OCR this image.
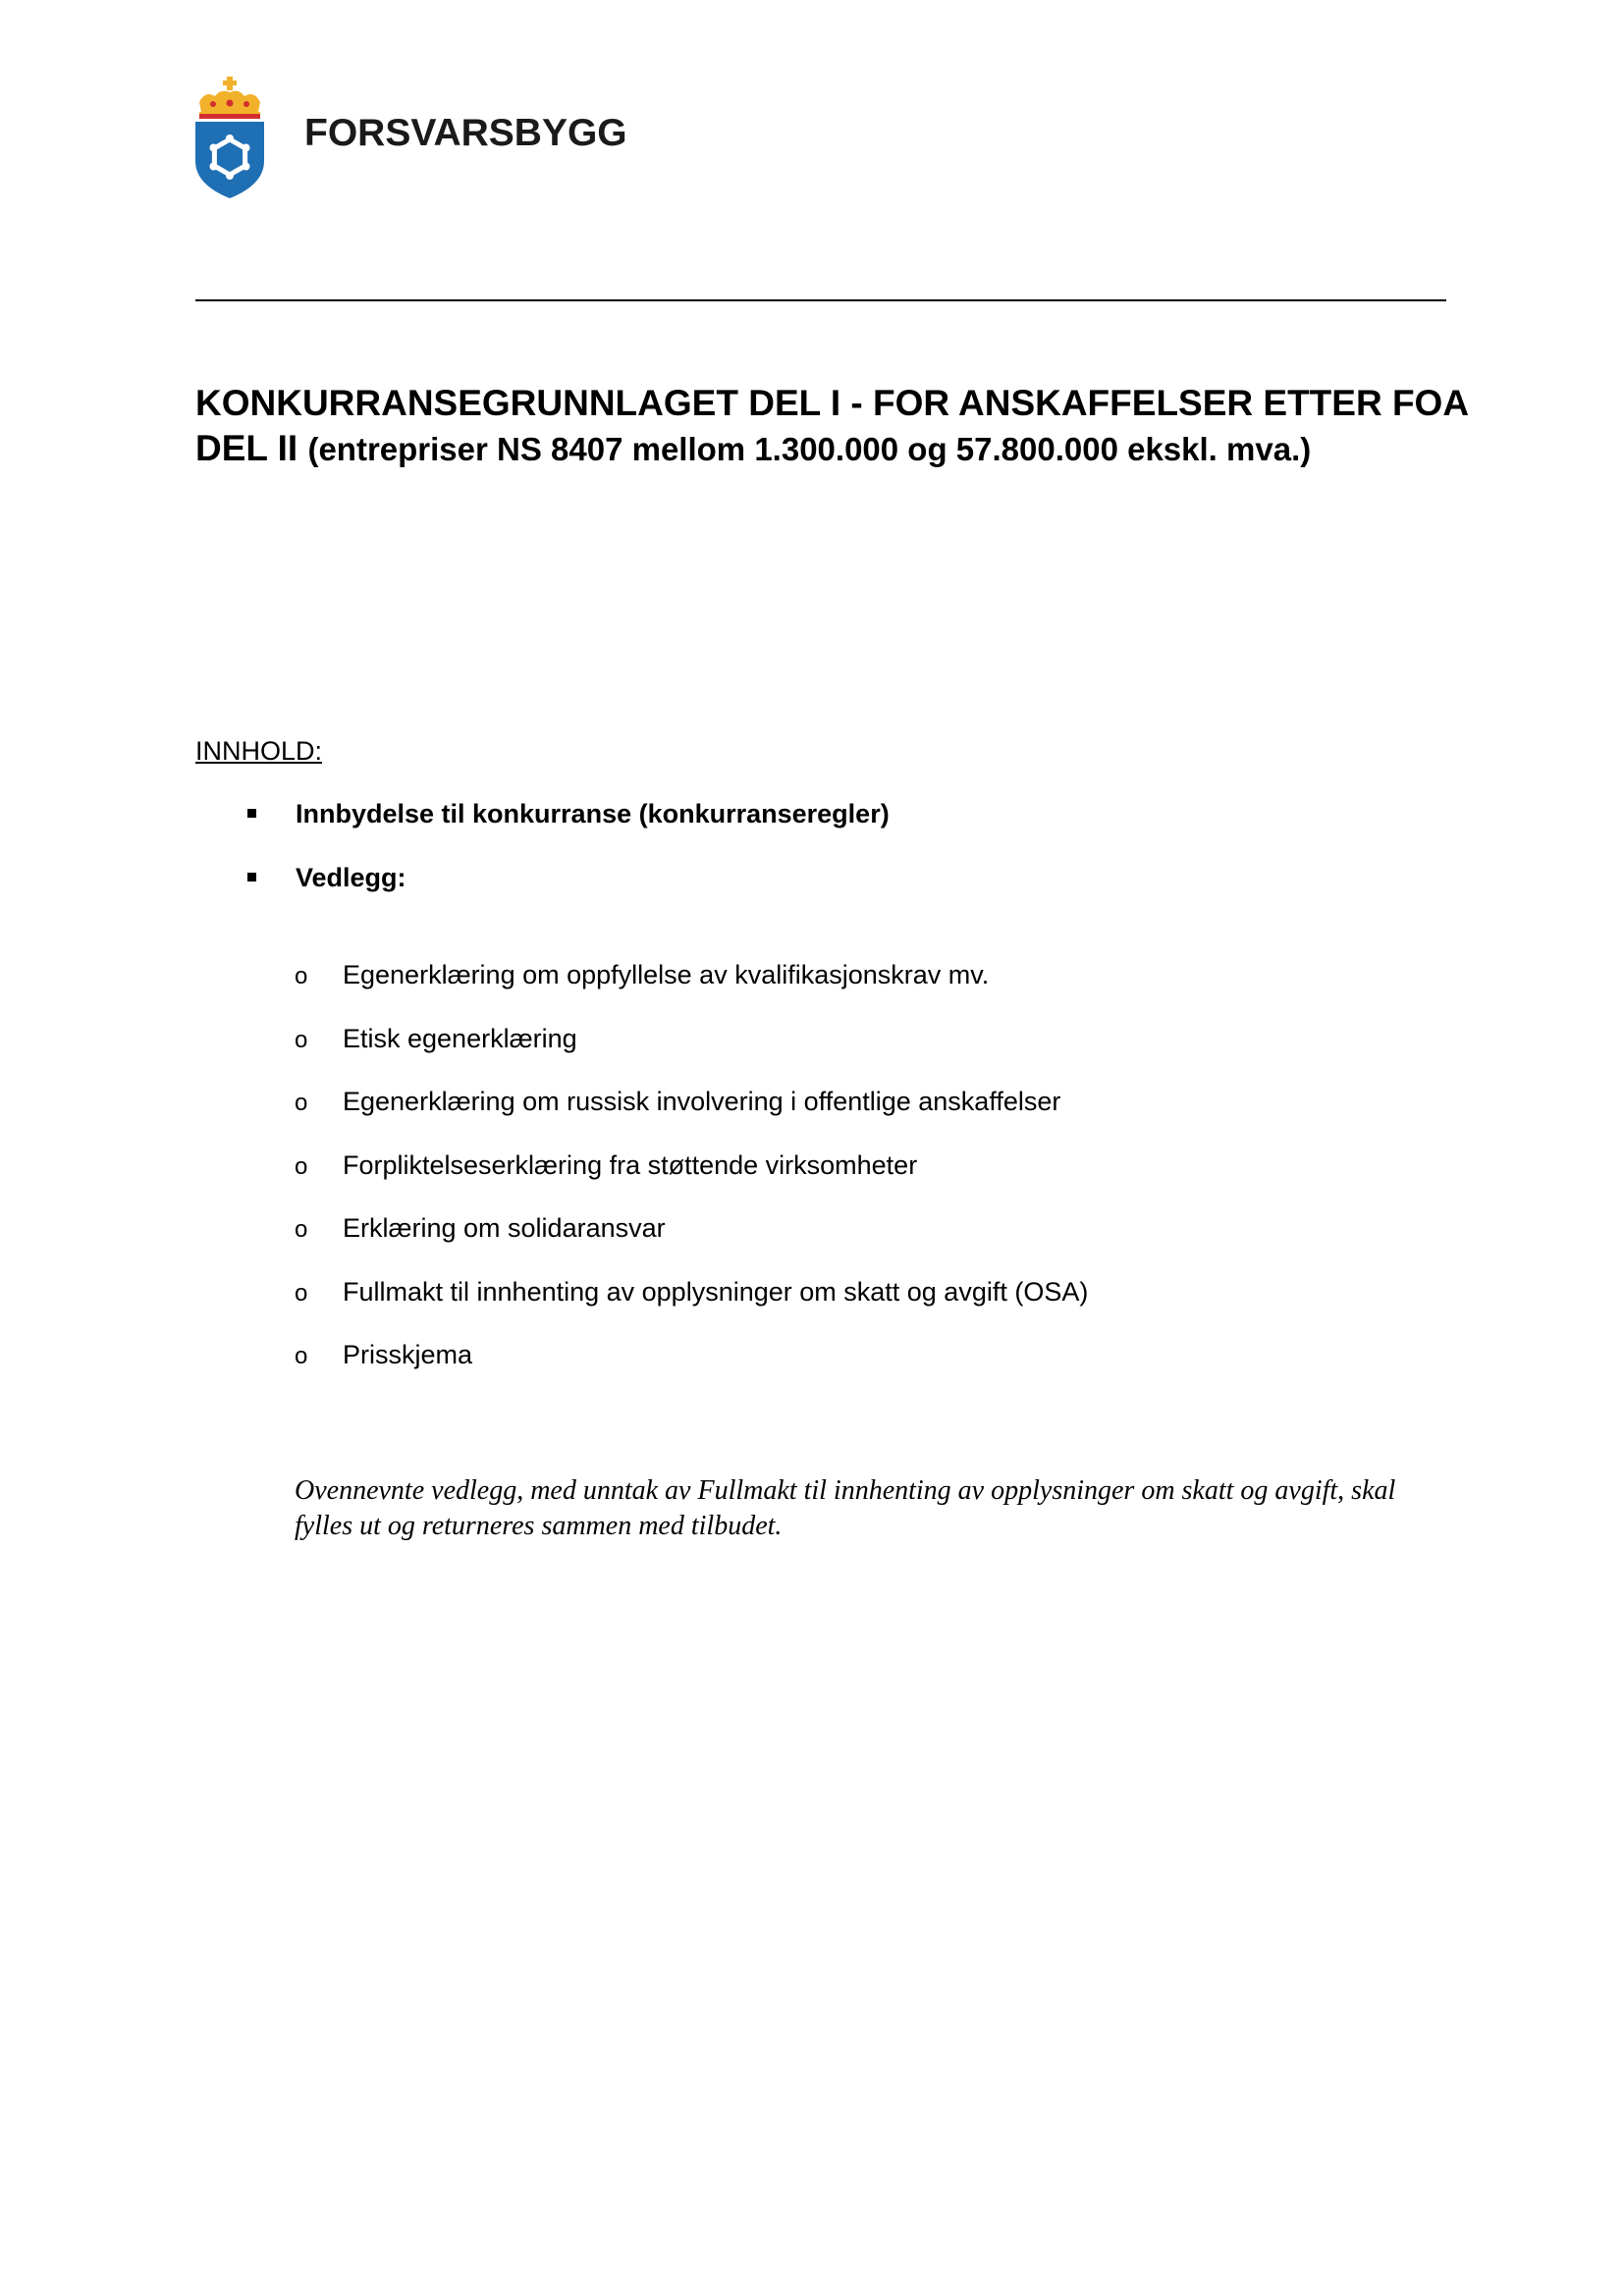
FORSVARSBYGG
KONKURRANSEGRUNNLAGET DEL I - FOR ANSKAFFELSER ETTER FOA DEL II (entrepriser NS 8407 mellom 1.300.000 og 57.800.000 ekskl. mva.)
INNHOLD:
Innbydelse til konkurranse (konkurranseregler)
Vedlegg:
o Egenerklæring om oppfyllelse av kvalifikasjonskrav mv.
o Etisk egenerklæring
o Egenerklæring om russisk involvering i offentlige anskaffelser
o Forpliktelseserklæring fra støttende virksomheter
o Erklæring om solidaransvar
o Fullmakt til innhenting av opplysninger om skatt og avgift (OSA)
o Prisskjema

Ovennevnte vedlegg, med unntak av Fullmakt til innhenting av opplysninger om skatt og avgift, skal fylles ut og returneres sammen med tilbudet.
